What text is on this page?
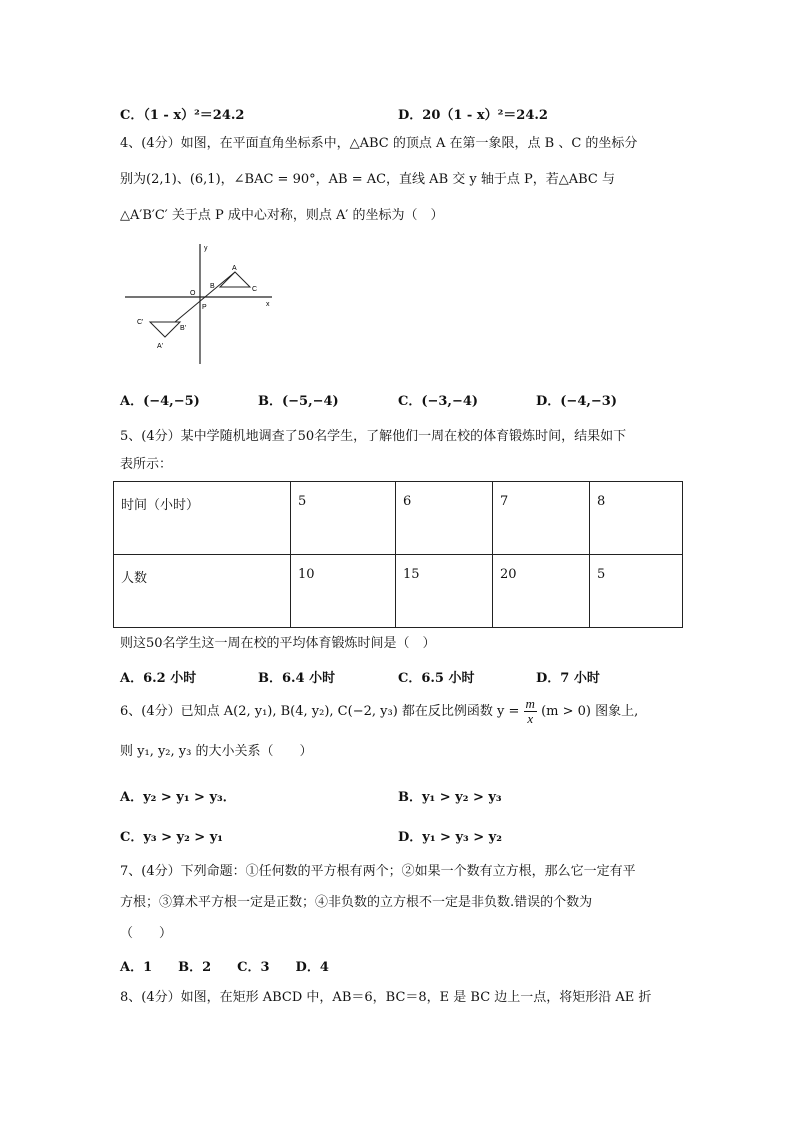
C．（1 - x）²＝24.2	D．20（1 - x）²＝24.2
4、(4分）如图，在平面直角坐标系中，△ABC 的顶点 A 在第一象限，点 B 、C 的坐标分
别为(2,1)、(6,1)，∠BAC = 90°，AB = AC，直线 AB 交 y 轴于点 P，若△ABC 与
△A′B′C′ 关于点 P 成中心对称，则点 A′ 的坐标为（　）
y
x
O
P
A
B	C
A'
B'
C'
A．(−4,−5)	B．(−5,−4)	C．(−3,−4)	D．(−4,−3)
5、(4分）某中学随机地调查了50名学生，了解他们一周在校的体育锻炼时间，结果如下
表所示：
时间（小时）	5	6	7	8
人数	10	15	20	5
则这50名学生这一周在校的平均体育锻炼时间是（　）
A．6.2 小时	B．6.4 小时	C．6.5 小时	D．7 小时
6、(4分）已知点 A(2, y₁), B(4, y₂), C(−2, y₃) 都在反比例函数 $y = \frac{m}{x} (m > 0)$ 图象上,
则 y₁, y₂, y₃ 的大小关系（　　）
A．y₂ > y₁ > y₃．	B．y₁ > y₂ > y₃
C．y₃ > y₂ > y₁	D．y₁ > y₃ > y₂
7、(4分）下列命题：①任何数的平方根有两个；②如果一个数有立方根，那么它一定有平
方根；③算术平方根一定是正数；④非负数的立方根不一定是非负数.错误的个数为
（　　）
A．1　　B．2　　C．3　　D．4
8、(4分）如图，在矩形 ABCD 中，AB＝6，BC＝8，E 是 BC 边上一点，将矩形沿 AE 折
